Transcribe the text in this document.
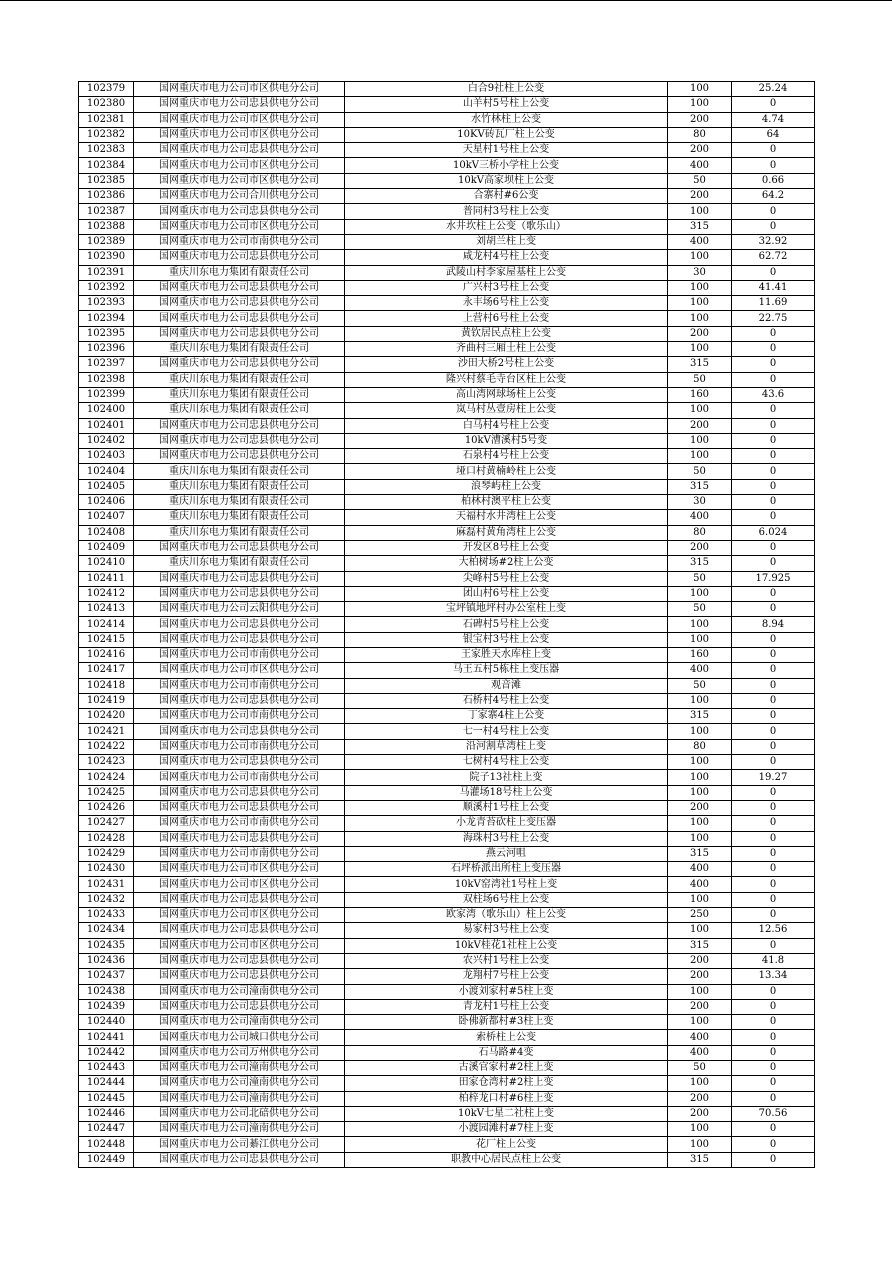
102379	国网重庆市电力公司市区供电分公司	白合9社柱上公变	100	25.24
102380	国网重庆市电力公司忠县供电分公司	山羊村5号柱上公变	100	0
102381	国网重庆市电力公司市区供电分公司	水竹林柱上公变	200	4.74
102382	国网重庆市电力公司市区供电分公司	10KV砖瓦厂柱上公变	80	64
102383	国网重庆市电力公司忠县供电分公司	天星村1号柱上公变	200	0
102384	国网重庆市电力公司市区供电分公司	10kV三桥小学柱上公变	400	0
102385	国网重庆市电力公司市区供电分公司	10kV高家坝柱上公变	50	0.66
102386	国网重庆市电力公司合川供电分公司	合寨村#6公变	200	64.2
102387	国网重庆市电力公司忠县供电分公司	普同村3号柱上公变	100	0
102388	国网重庆市电力公司市区供电分公司	水井坎柱上公变（歌乐山）	315	0
102389	国网重庆市电力公司市南供电分公司	刘胡兰柱上变	400	32.92
102390	国网重庆市电力公司忠县供电分公司	咸龙村4号柱上公变	100	62.72
102391	重庆川东电力集团有限责任公司	武陵山村李家屋基柱上公变	30	0
102392	国网重庆市电力公司忠县供电分公司	广兴村3号柱上公变	100	41.41
102393	国网重庆市电力公司忠县供电分公司	永丰场6号柱上公变	100	11.69
102394	国网重庆市电力公司忠县供电分公司	上营村6号柱上公变	100	22.75
102395	国网重庆市电力公司忠县供电分公司	黄钦居民点柱上公变	200	0
102396	重庆川东电力集团有限责任公司	齐曲村三厢土柱上公变	100	0
102397	国网重庆市电力公司忠县供电分公司	沙田大桥2号柱上公变	315	0
102398	重庆川东电力集团有限责任公司	隆兴村蔡毛寺台区柱上公变	50	0
102399	重庆川东电力集团有限责任公司	高山湾网球场柱上公变	160	43.6
102400	重庆川东电力集团有限责任公司	岚马村丛壹房柱上公变	100	0
102401	国网重庆市电力公司忠县供电分公司	白马村4号柱上公变	200	0
102402	国网重庆市电力公司忠县供电分公司	10kV漕溪村5号变	100	0
102403	国网重庆市电力公司忠县供电分公司	石泉村4号柱上公变	100	0
102404	重庆川东电力集团有限责任公司	垭口村黄楠岭柱上公变	50	0
102405	重庆川东电力集团有限责任公司	浪琴屿柱上公变	315	0
102406	重庆川东电力集团有限责任公司	柏林村澳平柱上公变	30	0
102407	重庆川东电力集团有限责任公司	天福村水井湾柱上公变	400	0
102408	重庆川东电力集团有限责任公司	麻磊村黄角湾柱上公变	80	6.024
102409	国网重庆市电力公司忠县供电分公司	开发区8号柱上公变	200	0
102410	重庆川东电力集团有限责任公司	大柏树场#2柱上公变	315	0
102411	国网重庆市电力公司忠县供电分公司	尖峰村5号柱上公变	50	17.925
102412	国网重庆市电力公司忠县供电分公司	团山村6号柱上公变	100	0
102413	国网重庆市电力公司云阳供电分公司	宝坪镇地坪村办公室柱上变	50	0
102414	国网重庆市电力公司忠县供电分公司	石碑村5号柱上公变	100	8.94
102415	国网重庆市电力公司忠县供电分公司	银宝村3号柱上公变	100	0
102416	国网重庆市电力公司市南供电分公司	王家胜天水库柱上变	160	0
102417	国网重庆市电力公司市区供电分公司	马王五村5栋柱上变压器	400	0
102418	国网重庆市电力公司市南供电分公司	观音滩	50	0
102419	国网重庆市电力公司忠县供电分公司	石桥村4号柱上公变	100	0
102420	国网重庆市电力公司市南供电分公司	丁家寨4柱上公变	315	0
102421	国网重庆市电力公司忠县供电分公司	七一村4号柱上公变	100	0
102422	国网重庆市电力公司市南供电分公司	沿河割草湾柱上变	80	0
102423	国网重庆市电力公司忠县供电分公司	七树村4号柱上公变	100	0
102424	国网重庆市电力公司市南供电分公司	院子13社柱上变	100	19.27
102425	国网重庆市电力公司忠县供电分公司	马灌场18号柱上公变	100	0
102426	国网重庆市电力公司忠县供电分公司	顺溪村1号柱上公变	200	0
102427	国网重庆市电力公司市南供电分公司	小龙青苔砍柱上变压器	100	0
102428	国网重庆市电力公司忠县供电分公司	海珠村3号柱上公变	100	0
102429	国网重庆市电力公司市南供电分公司	燕云河咀	315	0
102430	国网重庆市电力公司市区供电分公司	石坪桥派出所柱上变压器	400	0
102431	国网重庆市电力公司市区供电分公司	10kV窑湾社1号柱上变	400	0
102432	国网重庆市电力公司忠县供电分公司	双柱场6号柱上公变	100	0
102433	国网重庆市电力公司市区供电分公司	欧家湾（歌乐山）柱上公变	250	0
102434	国网重庆市电力公司忠县供电分公司	易家村3号柱上公变	100	12.56
102435	国网重庆市电力公司市区供电分公司	10kV桂花1社柱上公变	315	0
102436	国网重庆市电力公司忠县供电分公司	农兴村1号柱上公变	200	41.8
102437	国网重庆市电力公司忠县供电分公司	龙翔村7号柱上公变	200	13.34
102438	国网重庆市电力公司潼南供电分公司	小渡刘家村#5柱上变	100	0
102439	国网重庆市电力公司忠县供电分公司	青龙村1号柱上公变	200	0
102440	国网重庆市电力公司潼南供电分公司	卧佛新都村#3柱上变	100	0
102441	国网重庆市电力公司城口供电分公司	索桥柱上公变	400	0
102442	国网重庆市电力公司万州供电分公司	石马路#4变	400	0
102443	国网重庆市电力公司潼南供电分公司	古溪官家村#2柱上变	50	0
102444	国网重庆市电力公司潼南供电分公司	田家仓湾村#2柱上变	100	0
102445	国网重庆市电力公司潼南供电分公司	柏梓龙口村#6柱上变	200	0
102446	国网重庆市电力公司北碚供电分公司	10kV七星二社柱上变	200	70.56
102447	国网重庆市电力公司潼南供电分公司	小渡园滩村#7柱上变	100	0
102448	国网重庆市电力公司綦江供电分公司	花厂柱上公变	100	0
102449	国网重庆市电力公司忠县供电分公司	职教中心居民点柱上公变	315	0
